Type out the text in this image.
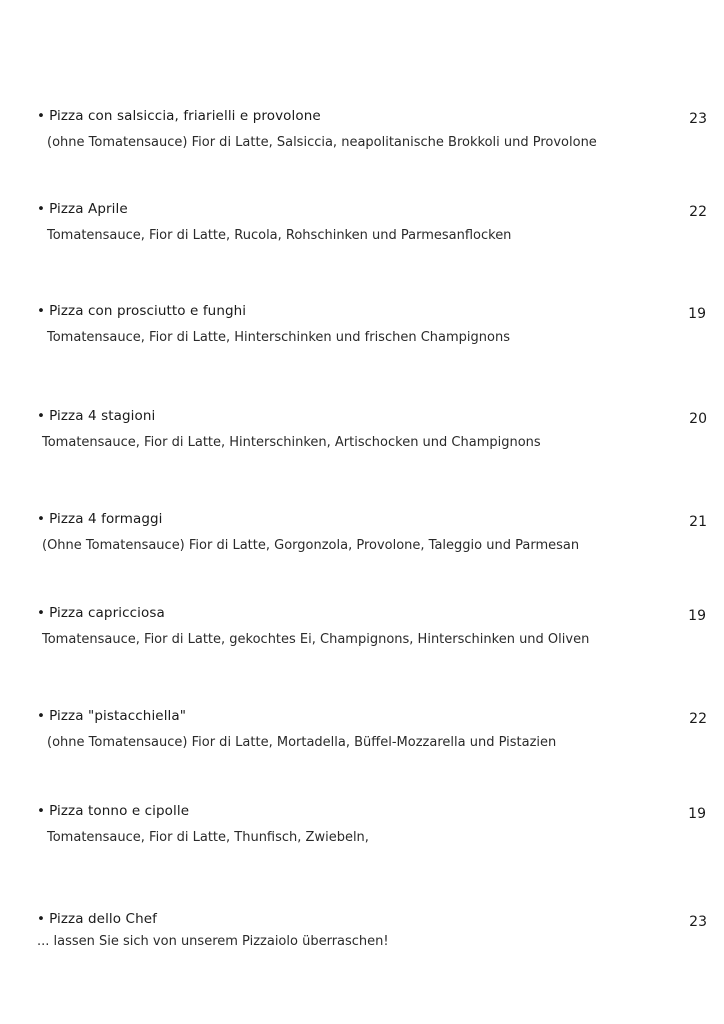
• Pizza con salsiccia, friarielli e provolone	23
(ohne Tomatensauce) Fior di Latte, Salsiccia, neapolitanische Brokkoli und Provolone
• Pizza Aprile	22
Tomatensauce, Fior di Latte, Rucola, Rohschinken und Parmesanflocken
• Pizza con prosciutto e funghi	19
Tomatensauce, Fior di Latte, Hinterschinken und frischen Champignons
• Pizza 4 stagioni	20
Tomatensauce, Fior di Latte, Hinterschinken, Artischocken und Champignons
• Pizza 4 formaggi	21
(Ohne Tomatensauce) Fior di Latte, Gorgonzola, Provolone, Taleggio und Parmesan
• Pizza capricciosa	19
Tomatensauce, Fior di Latte, gekochtes Ei, Champignons, Hinterschinken und Oliven
• Pizza "pistacchiella"	22
(ohne Tomatensauce) Fior di Latte, Mortadella, Büffel-Mozzarella und Pistazien
• Pizza tonno e cipolle	19
Tomatensauce, Fior di Latte, Thunfisch, Zwiebeln,
• Pizza dello Chef	23
... lassen Sie sich von unserem Pizzaiolo überraschen!
